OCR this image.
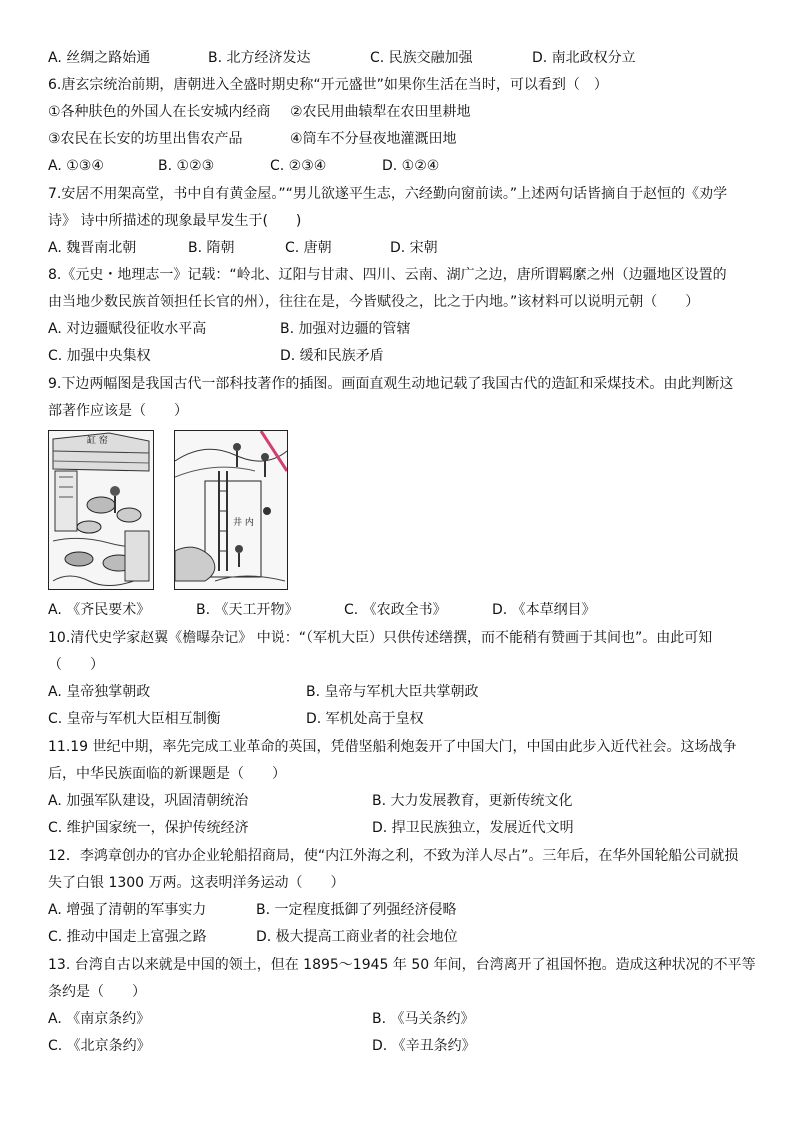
A. 丝绸之路始通	B. 北方经济发达	C. 民族交融加强	D. 南北政权分立
6.唐玄宗统治前期，唐朝进入全盛时期史称“开元盛世”如果你生活在当时，可以看到（　）
①各种肤色的外国人在长安城内经商 ②农民用曲辕犁在农田里耕地
③农民在长安的坊里出售农产品	④筒车不分昼夜地灌溉田地
A. ①③④	B. ①②③	C. ②③④	D. ①②④
7.安居不用架高堂，书中自有黄金屋。”“男儿欲遂平生志，六经勤向窗前读。”上述两句话皆摘自于赵恒的《劝学
诗》 诗中所描述的现象最早发生于(　　)
A. 魏晋南北朝	B. 隋朝	C. 唐朝	D. 宋朝
8.《元史・地理志一》记载：“岭北、辽阳与甘肃、四川、云南、湖广之边，唐所谓羁縻之州（边疆地区设置的
由当地少数民族首领担任长官的州），往往在是，今皆赋役之，比之于内地。”该材料可以说明元朝（　　）
A. 对边疆赋役征收水平高	B. 加强对边疆的管辖
C. 加强中央集权	D. 缓和民族矛盾
9.下边两幅图是我国古代一部科技著作的插图。画面直观生动地记载了我国古代的造缸和采煤技术。由此判断这
部著作应该是（　　）
缸 窑
井 内
A. 《齐民要术》	B. 《天工开物》	C. 《农政全书》	D. 《本草纲目》
10.清代史学家赵翼《檐曝杂记》 中说：“（军机大臣）只供传述缮撰，而不能稍有赞画于其间也”。由此可知
（　　）
A. 皇帝独掌朝政	B. 皇帝与军机大臣共掌朝政
C. 皇帝与军机大臣相互制衡	D. 军机处高于皇权
11.19 世纪中期，率先完成工业革命的英国，凭借坚船利炮轰开了中国大门，中国由此步入近代社会。这场战争
后，中华民族面临的新课题是（　　）
A. 加强军队建设，巩固清朝统治	B. 大力发展教育，更新传统文化
C. 维护国家统一，保护传统经济	D. 捍卫民族独立，发展近代文明
12．李鸿章创办的官办企业轮船招商局，使“内江外海之利，不致为洋人尽占”。三年后，在华外国轮船公司就损
失了白银 1300 万两。这表明洋务运动（　　）
A. 增强了清朝的军事实力	B. 一定程度抵御了列强经济侵略
C. 推动中国走上富强之路	D. 极大提高工商业者的社会地位
13. 台湾自古以来就是中国的领土，但在 1895～1945 年 50 年间，台湾离开了祖国怀抱。造成这种状况的不平等
条约是（　　）
A. 《南京条约》	B. 《马关条约》
C. 《北京条约》	D. 《辛丑条约》
